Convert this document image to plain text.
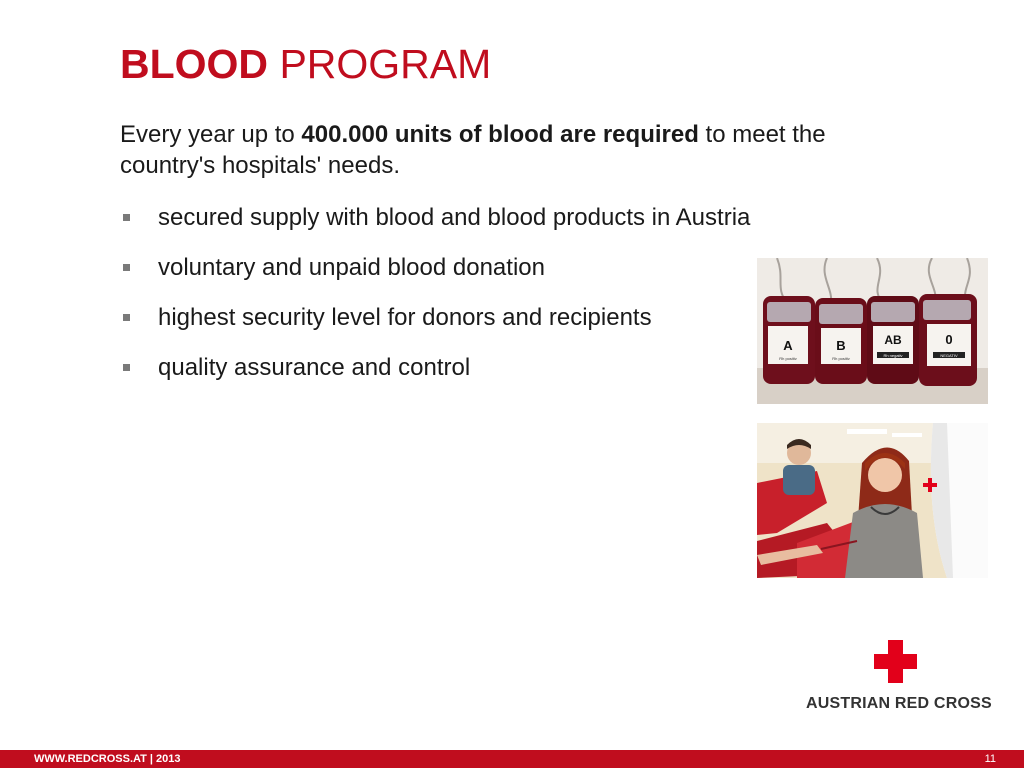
BLOOD PROGRAM

Every year up to 400.000 units of blood are required to meet the country's hospitals' needs.

secured supply with blood and blood products in Austria
voluntary and unpaid blood donation
highest security level for donors and recipients
quality assurance and control
A	B	AB	0
Rh positiv	Rh positiv
Rh negativ	NEGATIV
AUSTRIAN RED CROSS
WWW.REDCROSS.AT | 2013	11
